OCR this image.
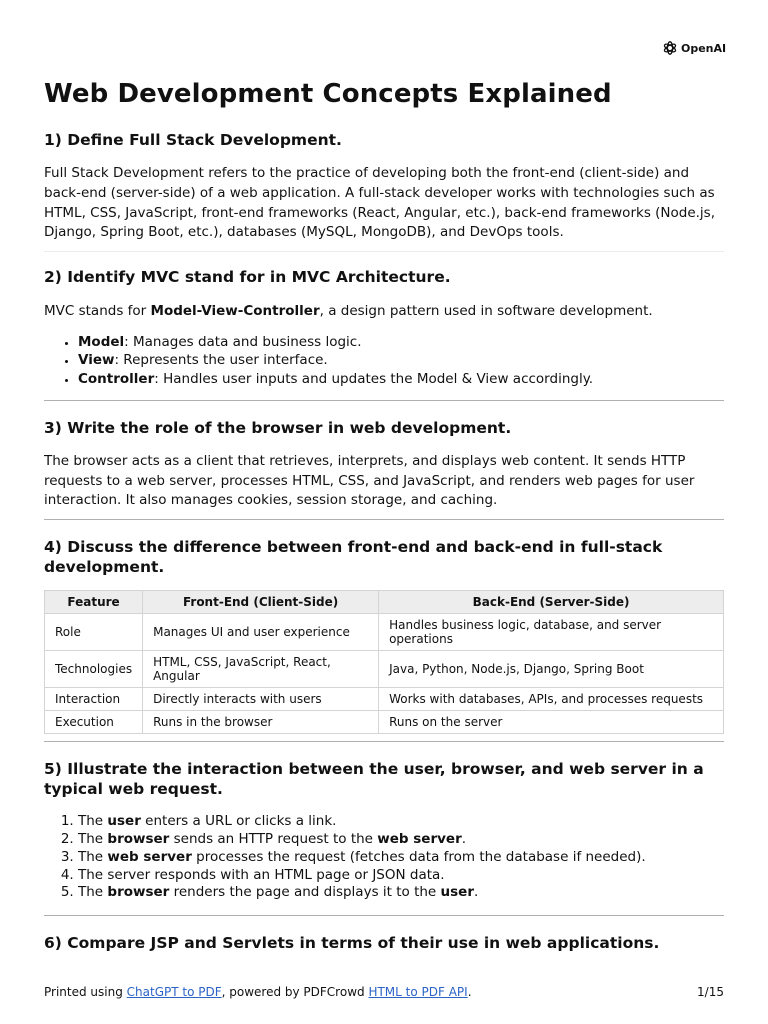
OpenAI
Web Development Concepts Explained
1) Define Full Stack Development.

Full Stack Development refers to the practice of developing both the front-end (client-side) and back-end (server-side) of a web application. A full-stack developer works with technologies such as HTML, CSS, JavaScript, front-end frameworks (React, Angular, etc.), back-end frameworks (Node.js, Django, Spring Boot, etc.), databases (MySQL, MongoDB), and DevOps tools.

2) Identify MVC stand for in MVC Architecture.

MVC stands for Model-View-Controller, a design pattern used in software development.

• Model: Manages data and business logic.
• View: Represents the user interface.
• Controller: Handles user inputs and updates the Model & View accordingly.
3) Write the role of the browser in web development.

The browser acts as a client that retrieves, interprets, and displays web content. It sends HTTP requests to a web server, processes HTML, CSS, and JavaScript, and renders web pages for user interaction. It also manages cookies, session storage, and caching.

4) Discuss the difference between front-end and back-end in full-stack development.
Feature	Front-End (Client-Side)	Back-End (Server-Side)
Role	Manages UI and user experience	Handles business logic, database, and server operations
Technologies	HTML, CSS, JavaScript, React, Angular	Java, Python, Node.js, Django, Spring Boot
Interaction	Directly interacts with users	Works with databases, APIs, and processes requests
Execution	Runs in the browser	Runs on the server
5) Illustrate the interaction between the user, browser, and web server in a typical web request.
1. The user enters a URL or clicks a link.
2. The browser sends an HTTP request to the web server.
3. The web server processes the request (fetches data from the database if needed).
4. The server responds with an HTML page or JSON data.
5. The browser renders the page and displays it to the user.
6) Compare JSP and Servlets in terms of their use in web applications.
Printed using ChatGPT to PDF, powered by PDFCrowd HTML to PDF API.	1/15
